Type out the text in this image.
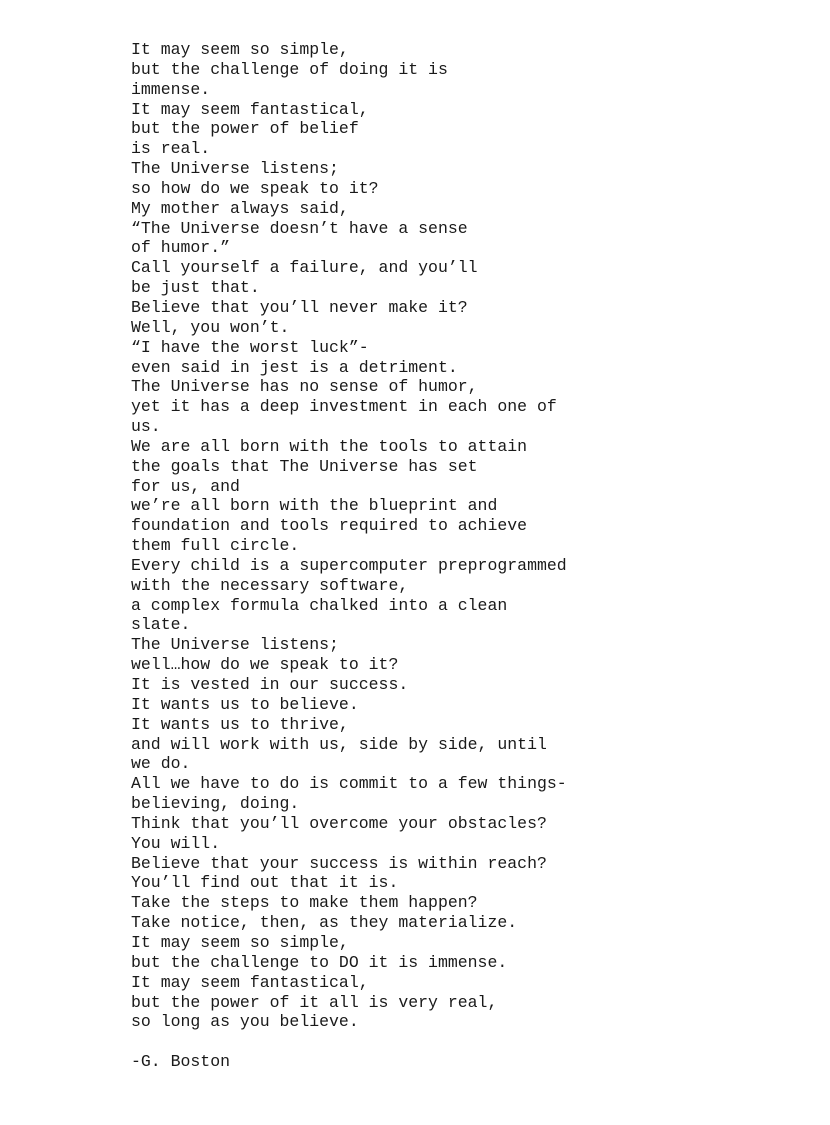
It may seem so simple,
but the challenge of doing it is
immense.
It may seem fantastical,
but the power of belief
is real.
The Universe listens;
so how do we speak to it?
My mother always said,
“The Universe doesn’t have a sense
of humor.”
Call yourself a failure, and you’ll
be just that.
Believe that you’ll never make it?
Well, you won’t.
“I have the worst luck”-
even said in jest is a detriment.
The Universe has no sense of humor,
yet it has a deep investment in each one of
us.
We are all born with the tools to attain
the goals that The Universe has set
for us, and
we’re all born with the blueprint and
foundation and tools required to achieve
them full circle.
Every child is a supercomputer preprogrammed
with the necessary software,
a complex formula chalked into a clean
slate.
The Universe listens;
well…how do we speak to it?
It is vested in our success.
It wants us to believe.
It wants us to thrive,
and will work with us, side by side, until
we do.
All we have to do is commit to a few things-
believing, doing.
Think that you’ll overcome your obstacles?
You will.
Believe that your success is within reach?
You’ll find out that it is.
Take the steps to make them happen?
Take notice, then, as they materialize.
It may seem so simple,
but the challenge to DO it is immense.
It may seem fantastical,
but the power of it all is very real,
so long as you believe.
-G. Boston
